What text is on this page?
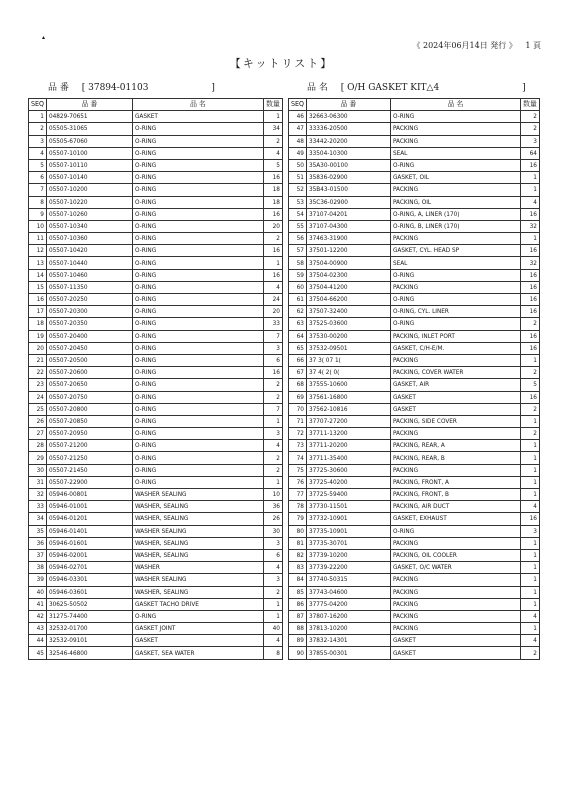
▴
《 2024年06月14日 発行 》 1 頁
【キットリスト】
品 番 [ 37894-01103	]	品 名 [ O/H GASKET KIT△4	]
SEQ	品 番	品 名	数量
1	04829-70651	GASKET	1
2	05505-31065	O-RING	34
3	05505-67060	O-RING	2
4	05507-10100	O-RING	4
5	05507-10110	O-RING	5
6	05507-10140	O-RING	16
7	05507-10200	O-RING	18
8	05507-10220	O-RING	18
9	05507-10260	O-RING	16
10	05507-10340	O-RING	20
11	05507-10360	O-RING	2
12	05507-10420	O-RING	16
13	05507-10440	O-RING	1
14	05507-10460	O-RING	16
15	05507-11350	O-RING	4
16	05507-20250	O-RING	24
17	05507-20300	O-RING	20
18	05507-20350	O-RING	33
19	05507-20400	O-RING	7
20	05507-20450	O-RING	3
21	05507-20500	O-RING	6
22	05507-20600	O-RING	16
23	05507-20650	O-RING	2
24	05507-20750	O-RING	2
25	05507-20800	O-RING	7
26	05507-20850	O-RING	1
27	05507-20950	O-RING	3
28	05507-21200	O-RING	4
29	05507-21250	O-RING	2
30	05507-21450	O-RING	2
31	05507-22900	O-RING	1
32	05946-00801	WASHER SEALING	10
33	05946-01001	WASHER, SEALING	36
34	05946-01201	WASHER, SEALING	26
35	05946-01401	WASHER SEALING	30
36	05946-01601	WASHER, SEALING	3
37	05946-02001	WASHER, SEALING	6
38	05946-02701	WASHER	4
39	05946-03301	WASHER SEALING	3
40	05946-03601	WASHER, SEALING	2
41	30625-50502	GASKET TACHO DRIVE	1
42	31275-74400	O-RING	1
43	32532-01700	GASKET JOINT	40
44	32532-09101	GASKET	4
45	32546-46800	GASKET, SEA WATER	8
SEQ	品 番	品 名	数量
46	32663-06300	O-RING	2
47	33336-20500	PACKING	2
48	33442-20200	PACKING	3
49	33504-10300	SEAL	64
50	35A30-00100	O-RING	16
51	35836-02900	GASKET, OIL	1
52	35B43-01500	PACKING	1
53	35C36-02900	PACKING, OIL	4
54	37107-04201	O-RING, A, LINER (170)	16
55	37107-04300	O-RING, B, LINER (170)	32
56	37463-31900	PACKING	1
57	37501-12200	GASKET, CYL. HEAD SP	16
58	37504-00900	SEAL	32
59	37504-02300	O-RING	16
60	37504-41200	PACKING	16
61	37504-66200	O-RING	16
62	37507-32400	O-RING, CYL. LINER	16
63	37525-03600	O-RING	2
64	37530-00200	PACKING, INLET PORT	16
65	37532-09501	GASKET, C/H-E/M.	16
66	37 3( 07 1(	PACKING	1
67	37 4( 2( 0(	PACKING, COVER WATER	2
68	37555-10600	GASKET, AIR	5
69	37561-16800	GASKET	16
70	37562-10816	GASKET	2
71	37707-27200	PACKING, SIDE COVER	1
72	37711-13200	PACKING	2
73	37711-20200	PACKING, REAR, A	1
74	37711-35400	PACKING, REAR, B	1
75	37725-30600	PACKING	1
76	37725-40200	PACKING, FRONT, A	1
77	37725-59400	PACKING, FRONT, B	1
78	37730-11501	PACKING, AIR DUCT	4
79	37732-10901	GASKET, EXHAUST	16
80	37735-10901	O-RING	3
81	37735-30701	PACKING	1
82	37739-10200	PACKING, OIL COOLER	1
83	37739-22200	GASKET, O/C WATER	1
84	37740-50315	PACKING	1
85	37743-04600	PACKING	1
86	37775-04200	PACKING	1
87	37807-16200	PACKING	4
88	37813-10200	PACKING	1
89	37832-14301	GASKET	4
90	37855-00301	GASKET	2
